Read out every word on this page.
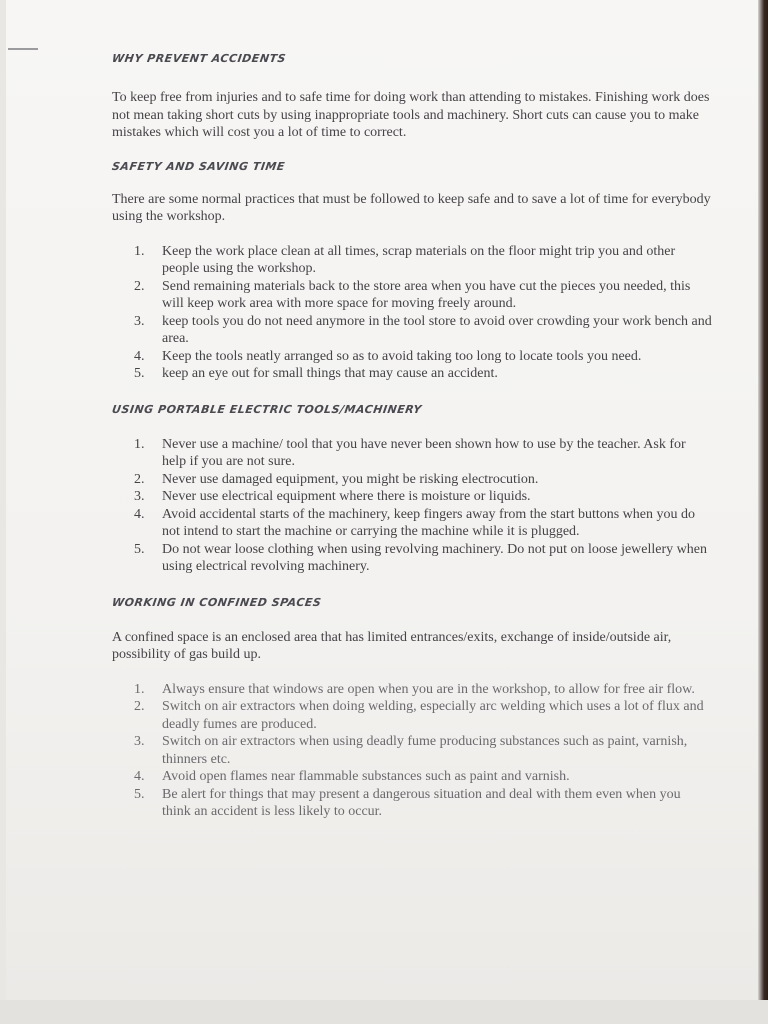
WHY PREVENT ACCIDENTS

To keep free from injuries and to safe time for doing work than attending to mistakes. Finishing work does not mean taking short cuts by using inappropriate tools and machinery. Short cuts can cause you to make mistakes which will cost you a lot of time to correct.

SAFETY AND SAVING TIME

There are some normal practices that must be followed to keep safe and to save a lot of time for everybody using the workshop.

1. Keep the work place clean at all times, scrap materials on the floor might trip you and other people using the workshop.
2. Send remaining materials back to the store area when you have cut the pieces you needed, this will keep work area with more space for moving freely around.
3. keep tools you do not need anymore in the tool store to avoid over crowding your work bench and area.
4. Keep the tools neatly arranged so as to avoid taking too long to locate tools you need.
5. keep an eye out for small things that may cause an accident.
USING PORTABLE ELECTRIC TOOLS/MACHINERY
1. Never use a machine/ tool that you have never been shown how to use by the teacher. Ask for help if you are not sure.
2. Never use damaged equipment, you might be risking electrocution.
3. Never use electrical equipment where there is moisture or liquids.
4. Avoid accidental starts of the machinery, keep fingers away from the start buttons when you do not intend to start the machine or carrying the machine while it is plugged.
5. Do not wear loose clothing when using revolving machinery. Do not put on loose jewellery when using electrical revolving machinery.
WORKING IN CONFINED SPACES

A confined space is an enclosed area that has limited entrances/exits, exchange of inside/outside air, possibility of gas build up.

1. Always ensure that windows are open when you are in the workshop, to allow for free air flow.
2. Switch on air extractors when doing welding, especially arc welding which uses a lot of flux and deadly fumes are produced.
3. Switch on air extractors when using deadly fume producing substances such as paint, varnish, thinners etc.
4. Avoid open flames near flammable substances such as paint and varnish.
5. Be alert for things that may present a dangerous situation and deal with them even when you think an accident is less likely to occur.
